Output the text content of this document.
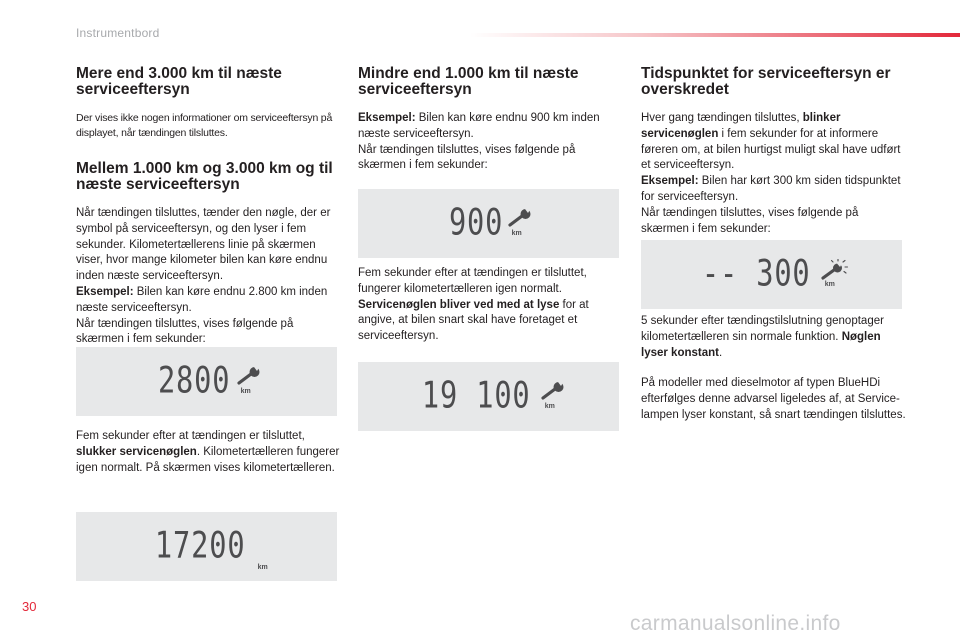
Instrumentbord
Mere end 3.000 km til næste serviceeftersyn

Der vises ikke nogen informationer om serviceeftersyn på displayet, når tændingen tilsluttes.

Mellem 1.000 km og 3.000 km og til næste serviceeftersyn

Når tændingen tilsluttes, tænder den nøgle, der er symbol på serviceeftersyn, og den lyser i fem sekunder. Kilometertællerens linie på skærmen viser, hvor mange kilometer bilen kan køre endnu inden næste serviceeftersyn.
Eksempel: Bilen kan køre endnu 2.800 km inden næste serviceeftersyn.
Når tændingen tilsluttes, vises følgende på skærmen i fem sekunder:

2800 km

Fem sekunder efter at tændingen er tilsluttet, slukker servicenøglen. Kilometertælleren fungerer igen normalt. På skærmen vises kilometertælleren.

17200
km
Mindre end 1.000 km til næste serviceeftersyn

Eksempel: Bilen kan køre endnu 900 km inden næste serviceeftersyn.
Når tændingen tilsluttes, vises følgende på skærmen i fem sekunder:

900 km

Fem sekunder efter at tændingen er tilsluttet, fungerer kilometertælleren igen normalt.
Servicenøglen bliver ved med at lyse for at angive, at bilen snart skal have foretaget et serviceeftersyn.

19 100 km
Tidspunktet for serviceeftersyn er overskredet

Hver gang tændingen tilsluttes, blinker servicenøglen i fem sekunder for at informere føreren om, at bilen hurtigst muligt skal have udført et serviceeftersyn.
Eksempel: Bilen har kørt 300 km siden tidspunktet for serviceeftersyn.
Når tændingen tilsluttes, vises følgende på skærmen i fem sekunder:

-- 300 km

5 sekunder efter tændingstilslutning genoptager kilometertælleren sin normale funktion. Nøglen lyser konstant.

På modeller med dieselmotor af typen BlueHDi efterfølges denne advarsel ligeledes af, at Service-lampen lyser konstant, så snart tændingen tilsluttes.

30
carmanualsonline.info
